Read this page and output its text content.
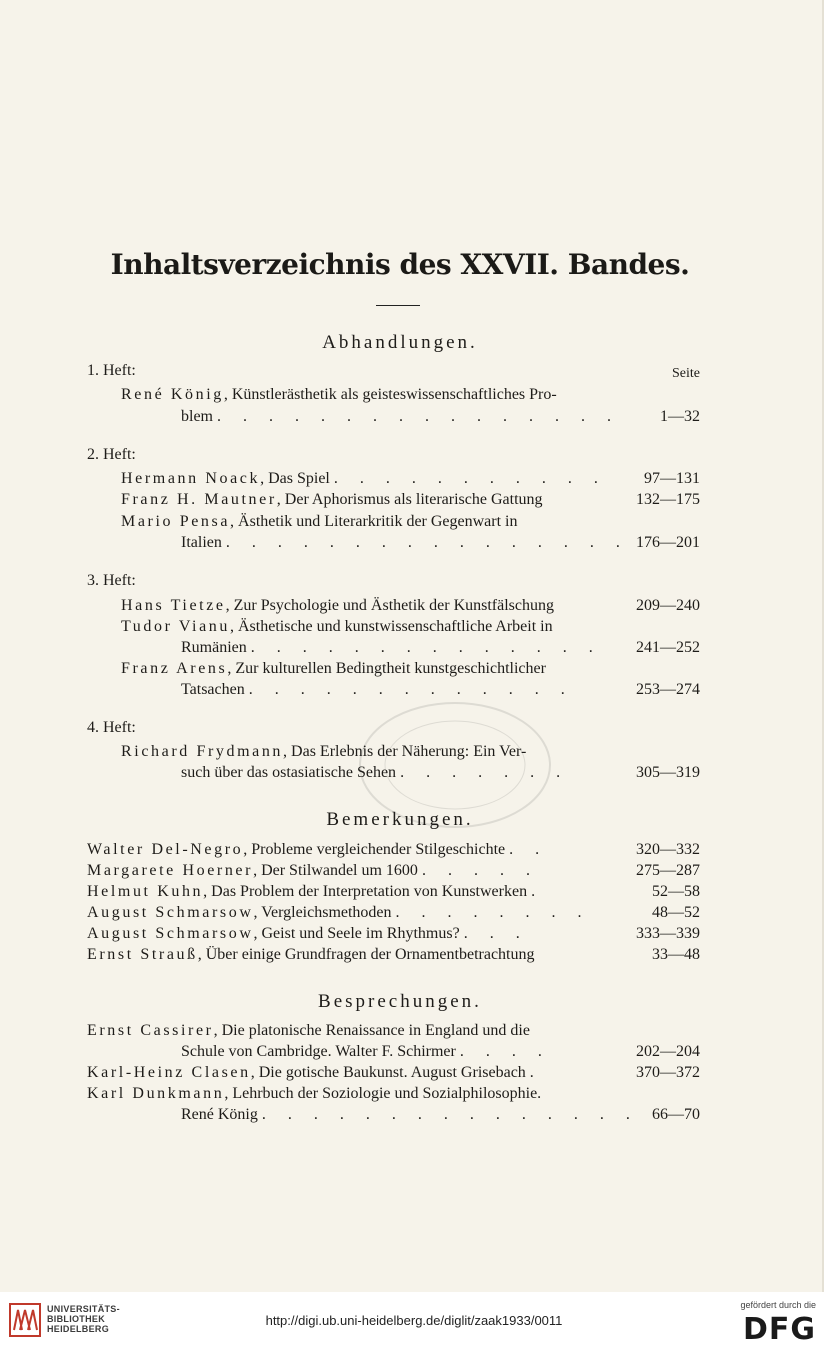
Inhaltsverzeichnis des XXVII. Bandes.
Abhandlungen.
1. Heft:	Seite
René König, Künstlerästhetik als geisteswissenschaftliches Pro-
blem . . . . . . . . . . . . . . . .	1—32
2. Heft:
Hermann Noack, Das Spiel . . . . . . . . . . . 97—131
Franz H. Mautner, Der Aphorismus als literarische Gattung	132—175
Mario Pensa, Ästhetik und Literarkritik der Gegenwart in
Italien . . . . . . . . . . . . . . . . 176—201
3. Heft:
Hans Tietze, Zur Psychologie und Ästhetik der Kunstfälschung	209—240
Tudor Vianu, Ästhetische und kunstwissenschaftliche Arbeit in
Rumänien . . . . . . . . . . . . . . 241—252
Franz Arens, Zur kulturellen Bedingtheit kunstgeschichtlicher
Tatsachen . . . . . . . . . . . . .	253—274
4. Heft:
Richard Frydmann, Das Erlebnis der Näherung: Ein Ver-
such über das ostasiatische Sehen . . . . . . .	305—319
Bemerkungen.
Walter Del-Negro, Probleme vergleichender Stilgeschichte . .	320—332
Margarete Hoerner, Der Stilwandel um 1600 . . . . .	275—287
Helmut Kuhn, Das Problem der Interpretation von Kunstwerken .	52—58
August Schmarsow, Vergleichsmethoden . . . . . . . .	48—52
August Schmarsow, Geist und Seele im Rhythmus? . . .	333—339
Ernst Strauß, Über einige Grundfragen der Ornamentbetrachtung	33—48
Besprechungen.
Ernst Cassirer, Die platonische Renaissance in England und die
Schule von Cambridge. Walter F. Schirmer . . . .	202—204
Karl-Heinz Clasen, Die gotische Baukunst. August Grisebach .	370—372
Karl Dunkmann, Lehrbuch der Soziologie und Sozialphilosophie.
René König . . . . . . . . . . . . . . . 66—70
UNIVERSITÄTS-
BIBLIOTHEK
HEIDELBERG
http://digi.ub.uni-heidelberg.de/diglit/zaak1933/0011
gefördert durch die
DFG
